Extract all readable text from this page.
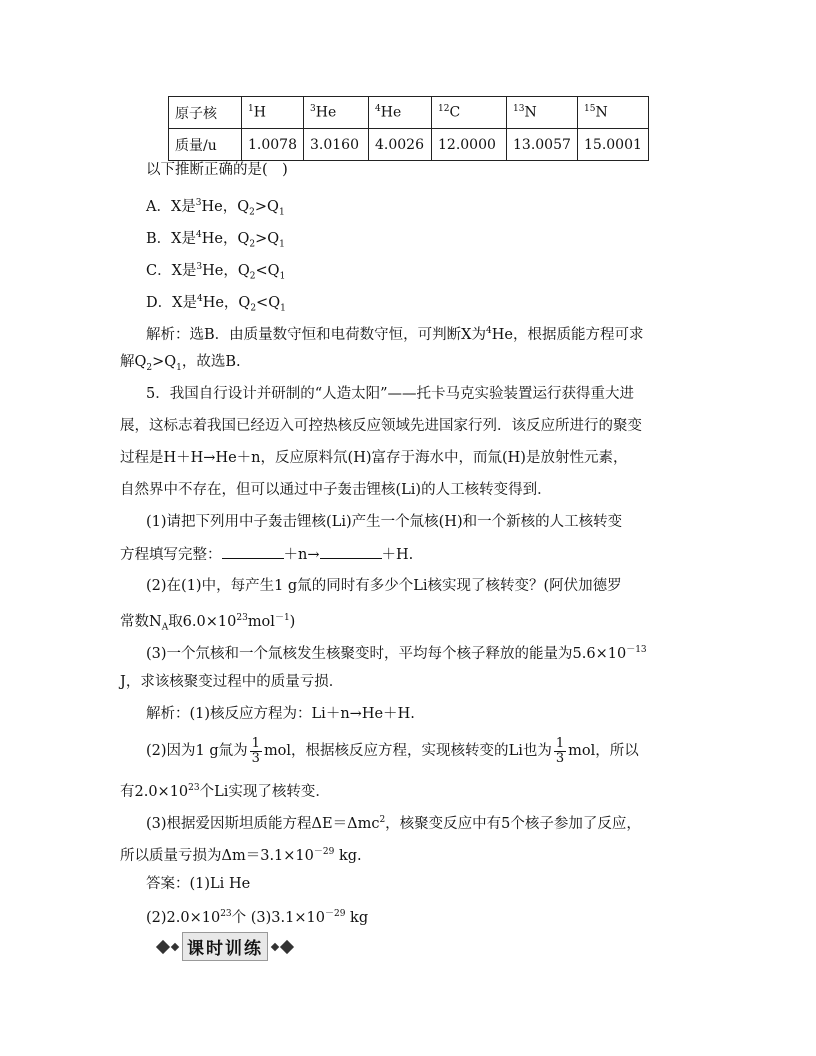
原子核	$^1$H	$^3$He	$^4$He	$^{12}$C	$^{13}$N	$^{15}$N
质量/u	1.0078	3.0160	4.0026	12.0000	13.0057	15.0001
以下推断正确的是(　)
A．X是$^3$He，$Q_2>Q_1$
B．X是$^4$He，$Q_2>Q_1$
C．X是$^3$He，$Q_2<Q_1$
D．X是$^4$He，$Q_2<Q_1$
解析：选B．由质量数守恒和电荷数守恒，可判断X为$^4$He，根据质能方程可求
解$Q_2>Q_1$，故选B.
5．我国自行设计并研制的“人造太阳”——托卡马克实验装置运行获得重大进
展，这标志着我国已经迈入可控热核反应领域先进国家行列．该反应所进行的聚变
过程是H＋H→He＋n，反应原料氘(H)富存于海水中，而氚(H)是放射性元素，
自然界中不存在，但可以通过中子轰击锂核(Li)的人工核转变得到．
(1)请把下列用中子轰击锂核(Li)产生一个氚核(H)和一个新核的人工核转变
方程填写完整：	＋n→	＋H.
(2)在(1)中，每产生1 g氚的同时有多少个Li核实现了核转变？(阿伏加德罗
常数$N_A$取$6.0\times 10^{23}mol^{-1}$)
(3)一个氘核和一个氚核发生核聚变时，平均每个核子释放的能量为$5.6\times 10^{-13}$
J，求该核聚变过程中的质量亏损．
解析：(1)核反应方程为：Li＋n→He＋H.
(2)因为1 g氚为 $\frac{1}{3}$ mol，根据核反应方程，实现核转变的Li也为 $\frac{1}{3}$ mol，所以
有$2.0\times 10^{23}$个Li实现了核转变．
(3)根据爱因斯坦质能方程ΔE＝Δmc$^2$，核聚变反应中有5个核子参加了反应，
所以质量亏损为$\Delta m=3.1\times 10^{-29}$ kg.
答案：(1)Li He
$(2)2.0\times 10^{23}$个 $(3)3.1\times 10^{-29}$ kg
课时训练
